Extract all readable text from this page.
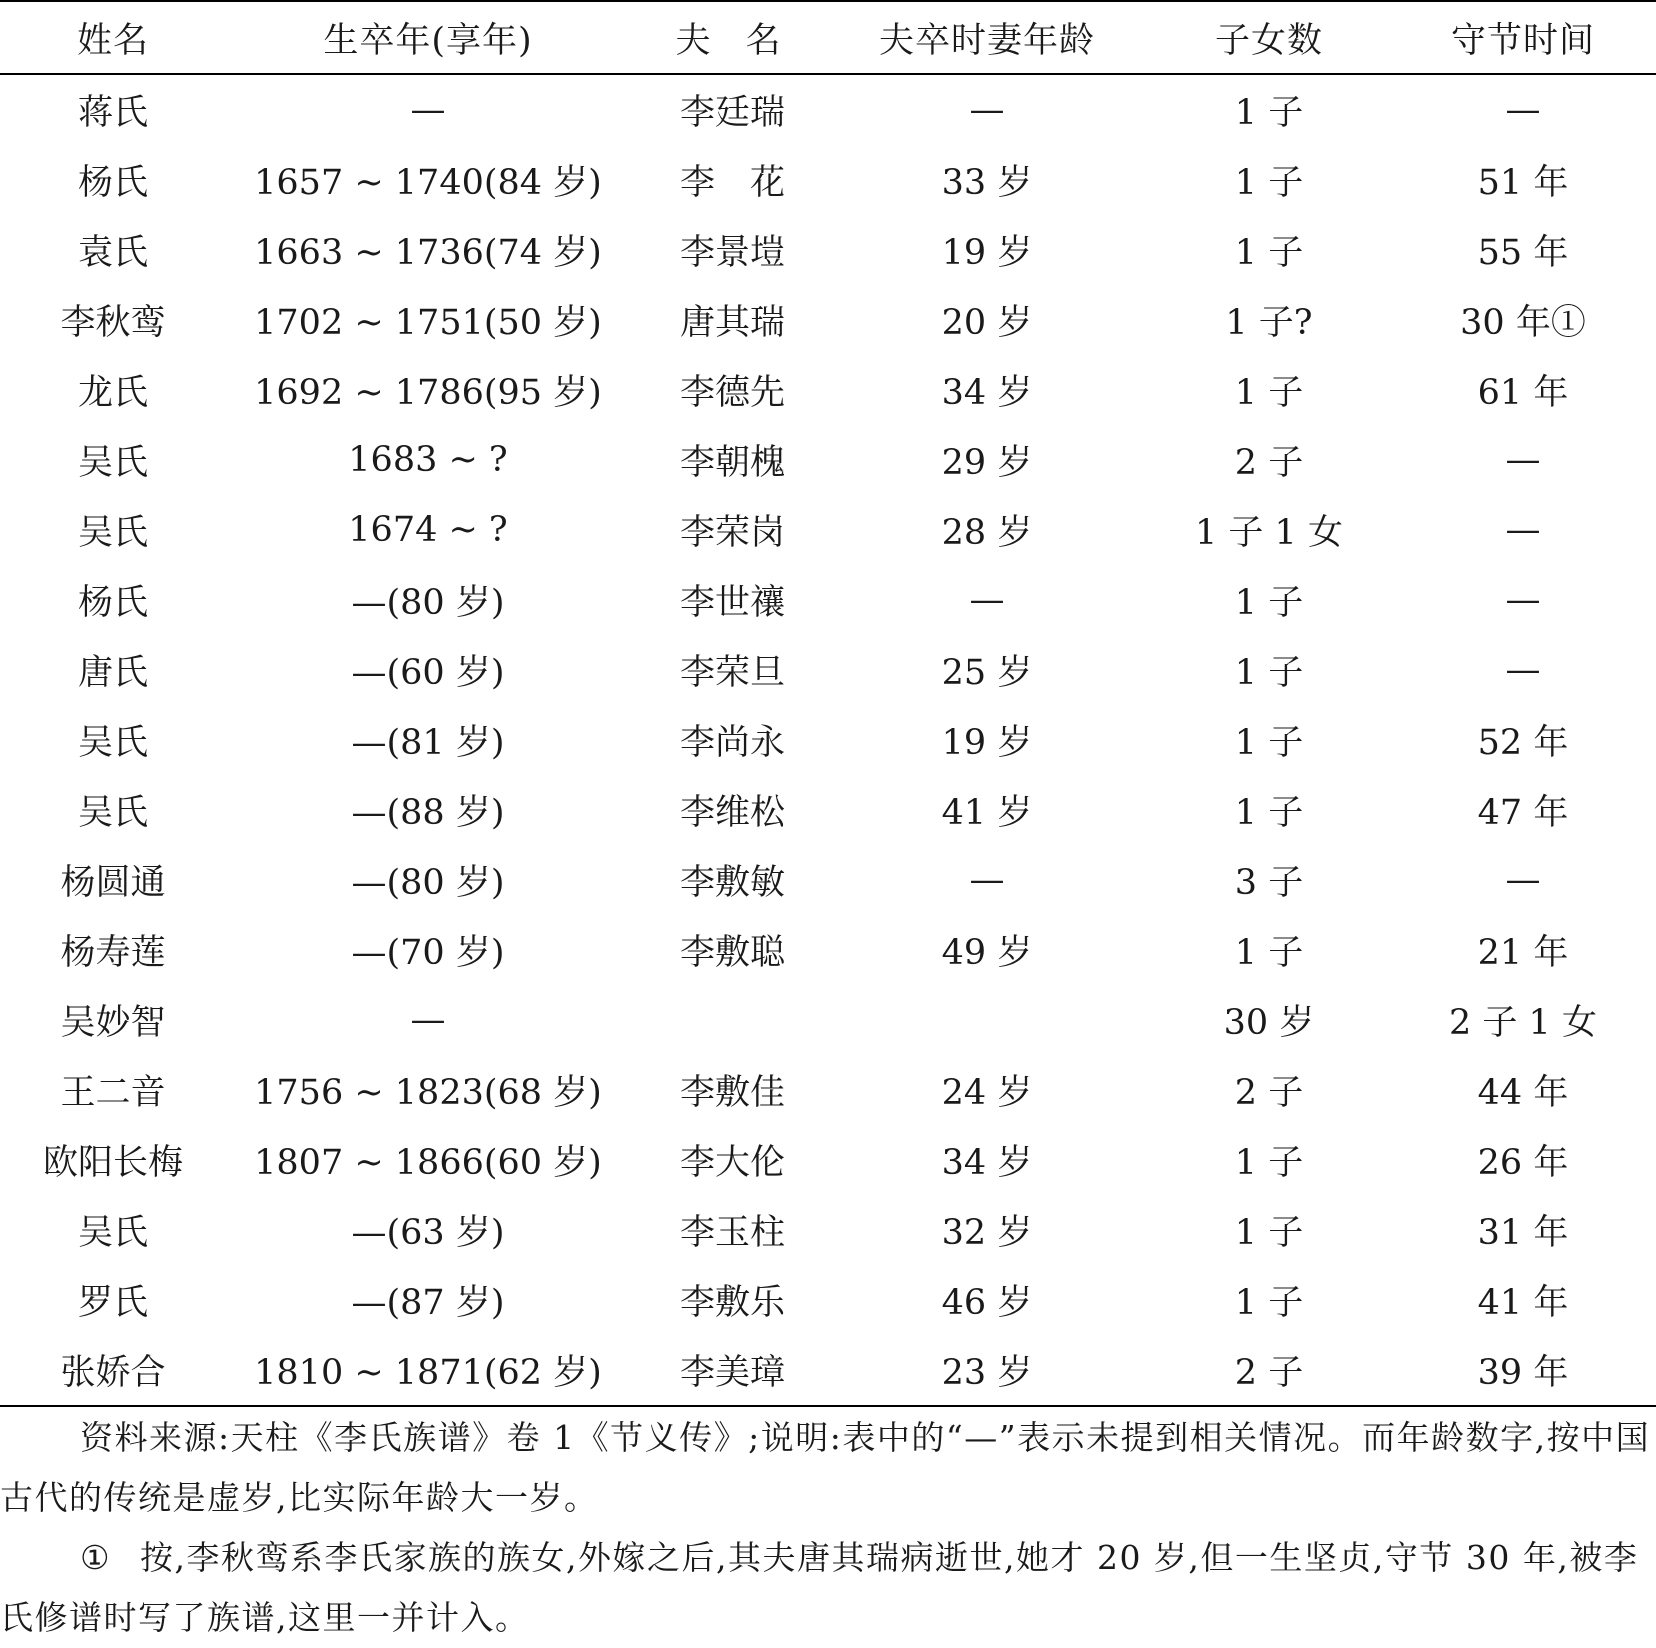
姓名	生卒年(享年)	夫　名	夫卒时妻年龄	子女数	守节时间
蒋氏	—	李廷瑞	—	1 子	—
杨氏	1657 ~ 1740(84 岁)	李　花	33 岁	1 子	51 年
袁氏	1663 ~ 1736(74 岁)	李景塏	19 岁	1 子	55 年
李秋鸾	1702 ~ 1751(50 岁)	唐其瑞	20 岁	1 子?	30 年①
龙氏	1692 ~ 1786(95 岁)	李德先	34 岁	1 子	61 年
吴氏	1683 ~ ?	李朝槐	29 岁	2 子	—
吴氏	1674 ~ ?	李荣岗	28 岁	1 子 1 女	—
杨氏	—(80 岁)	李世禳	—	1 子	—
唐氏	—(60 岁)	李荣旦	25 岁	1 子	—
吴氏	—(81 岁)	李尚永	19 岁	1 子	52 年
吴氏	—(88 岁)	李维松	41 岁	1 子	47 年
杨圆通	—(80 岁)	李敷敏	—	3 子	—
杨寿莲	—(70 岁)	李敷聪	49 岁	1 子	21 年
吴妙智	—			30 岁	2 子 1 女
王二音	1756 ~ 1823(68 岁)	李敷佳	24 岁	2 子	44 年
欧阳长梅	1807 ~ 1866(60 岁)	李大伦	34 岁	1 子	26 年
吴氏	—(63 岁)	李玉柱	32 岁	1 子	31 年
罗氏	—(87 岁)	李敷乐	46 岁	1 子	41 年
张娇合	1810 ~ 1871(62 岁)	李美璋	23 岁	2 子	39 年

资料来源:天柱《李氏族谱》卷 1《节义传》;说明:表中的“—”表示未提到相关情况。而年龄数字,按中国古代的传统是虚岁,比实际年龄大一岁。

① 按,李秋鸾系李氏家族的族女,外嫁之后,其夫唐其瑞病逝世,她才 20 岁,但一生坚贞,守节 30 年,被李氏修谱时写了族谱,这里一并计入。
